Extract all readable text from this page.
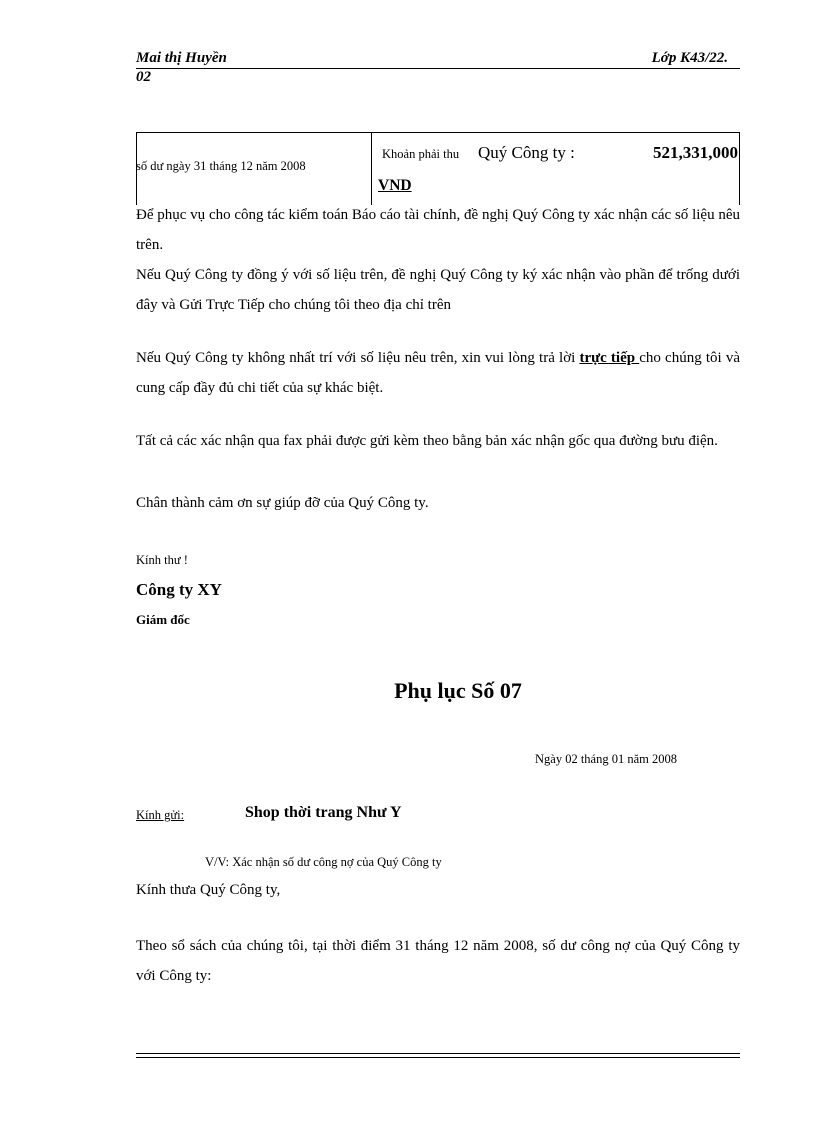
Mai thị Huyền	Lớp K43/22.
02
số dư ngày 31 tháng 12 năm 2008
Khoản phải thu Quý Công ty :	521,331,000
VND
Để phục vụ cho công tác kiểm toán Báo cáo tài chính, đề nghị Quý Công ty xác nhận các số liệu nêu trên.
Nếu Quý Công ty đồng ý với số liệu trên, đề nghị Quý Công ty ký xác nhận vào phần để trống dưới đây và Gửi Trực Tiếp cho chúng tôi theo địa chỉ trên
Nếu Quý Công ty không nhất trí với số liệu nêu trên, xin vui lòng trả lời trực tiếp cho chúng tôi và cung cấp đầy đủ chi tiết của sự khác biệt.
Tất cả các xác nhận qua fax phải được gửi kèm theo bằng bản xác nhận gốc qua đường bưu điện.
Chân thành cảm ơn sự giúp đỡ của Quý Công ty.
Kính thư !
Công ty XY
Giám đốc
Phụ lục Số 07
Ngày 02 tháng 01 năm 2008
Kính gửi:	Shop thời trang Như Y
V/V: Xác nhận số dư công nợ của Quý Công ty
Kính thưa Quý Công ty,
Theo sổ sách của chúng tôi, tại thời điểm 31 tháng 12 năm 2008, số dư công nợ của Quý Công ty với Công ty:
